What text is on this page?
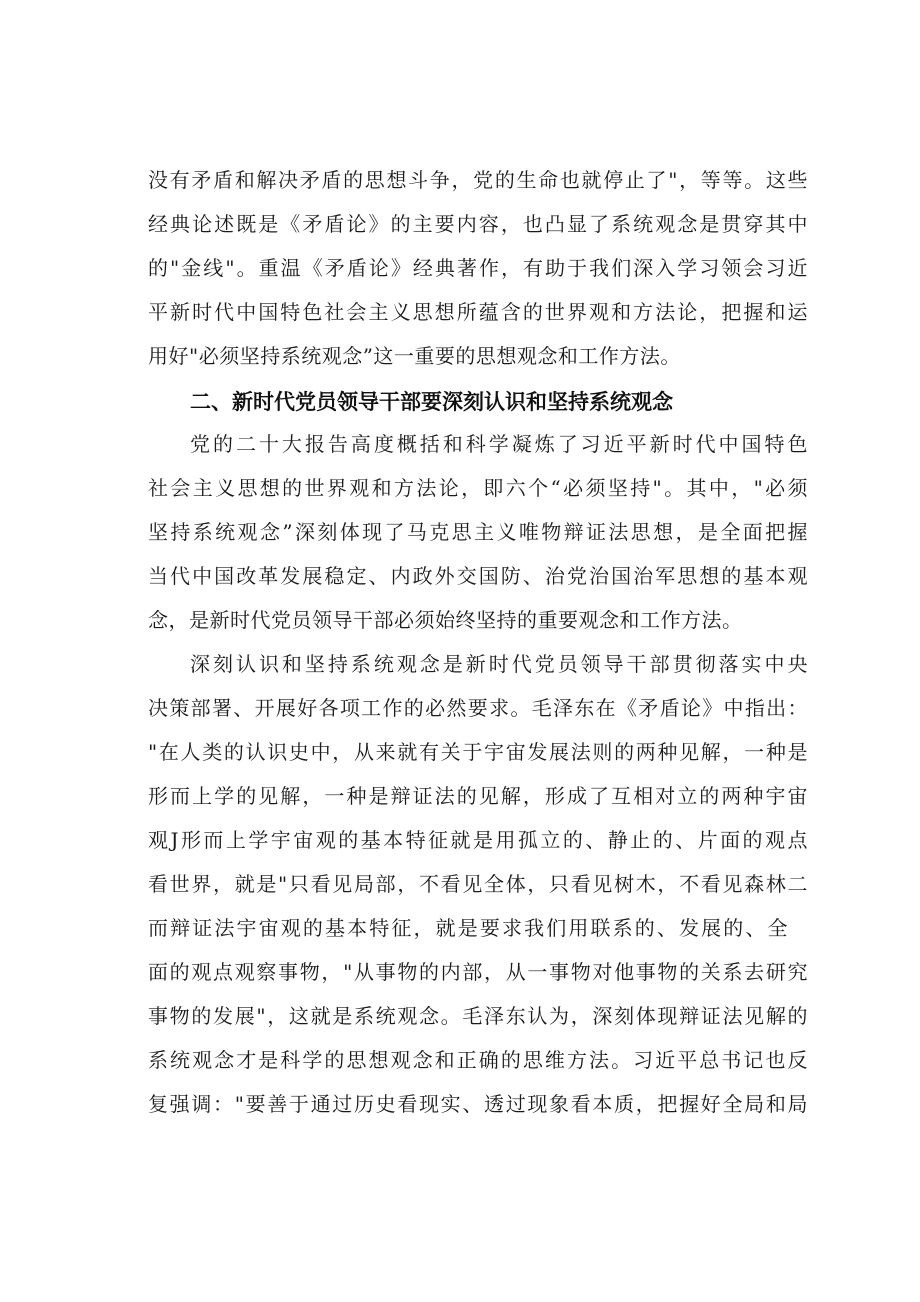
没有矛盾和解决矛盾的思想斗争，党的生命也就停止了"，等等。这些
经典论述既是《矛盾论》的主要内容，也凸显了系统观念是贯穿其中
的"金线"。重温《矛盾论》经典著作，有助于我们深入学习领会习近
平新时代中国特色社会主义思想所蕴含的世界观和方法论，把握和运
用好"必须坚持系统观念”这一重要的思想观念和工作方法。
二、新时代党员领导干部要深刻认识和坚持系统观念
党的二十大报告高度概括和科学凝炼了习近平新时代中国特色
社会主义思想的世界观和方法论，即六个“必须坚持"。其中，"必须
坚持系统观念”深刻体现了马克思主义唯物辩证法思想，是全面把握
当代中国改革发展稳定、内政外交国防、治党治国治军思想的基本观
念，是新时代党员领导干部必须始终坚持的重要观念和工作方法。
深刻认识和坚持系统观念是新时代党员领导干部贯彻落实中央
决策部署、开展好各项工作的必然要求。毛泽东在《矛盾论》中指出：
"在人类的认识史中，从来就有关于宇宙发展法则的两种见解，一种是
形而上学的见解，一种是辩证法的见解，形成了互相对立的两种宇宙
观J形而上学宇宙观的基本特征就是用孤立的、静止的、片面的观点
看世界，就是"只看见局部，不看见全体，只看见树木，不看见森林二
而辩证法宇宙观的基本特征，就是要求我们用联系的、发展的、全
面的观点观察事物，"从事物的内部，从一事物对他事物的关系去研究
事物的发展"，这就是系统观念。毛泽东认为，深刻体现辩证法见解的
系统观念才是科学的思想观念和正确的思维方法。习近平总书记也反
复强调："要善于通过历史看现实、透过现象看本质，把握好全局和局
